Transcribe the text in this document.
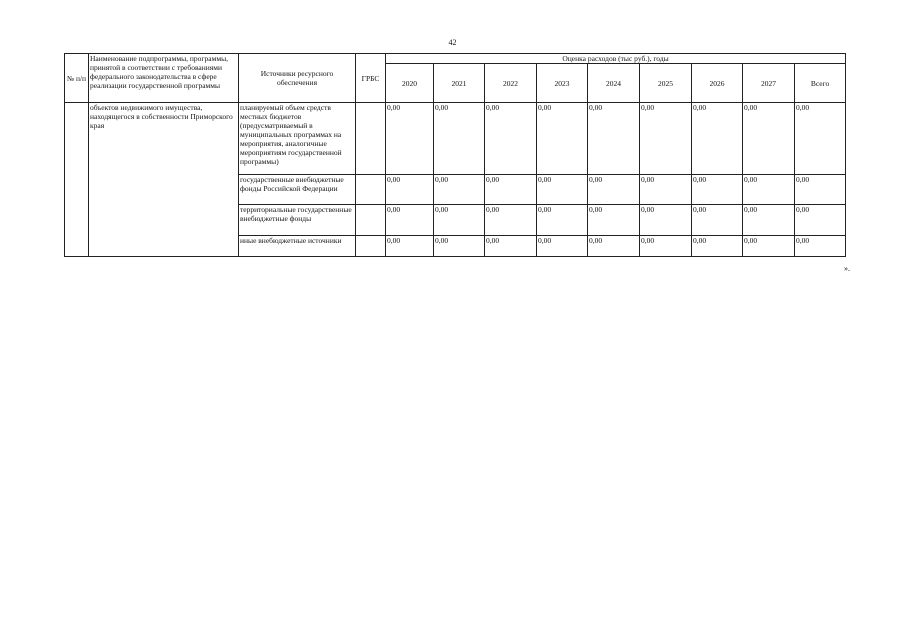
42
№ п/п	Наименование подпрограммы, программы, принятой в соответствии с требованиями федерального законодательства в сфере реализации государственной программы	Источники ресурсного обеспечения	ГРБС	Оценка расходов (тыс руб.), годы								
				2020	2021	2022	2023	2024	2025	2026	2027	Всего
	объектов недвижимого имущества, находящегося в собственности Приморского края	планируемый объем средств местных бюджетов (предусматриваемый в муниципальных программах на мероприятия, аналогичные мероприятиям государственной программы)		0,00	0,00	0,00	0,00	0,00	0,00	0,00	0,00	0,00
		государственные внебюджетные фонды Российской Федерации		0,00	0,00	0,00	0,00	0,00	0,00	0,00	0,00	0,00
		территориальные государственные внебюджетные фонды		0,00	0,00	0,00	0,00	0,00	0,00	0,00	0,00	0,00
		иные внебюджетные источники		0,00	0,00	0,00	0,00	0,00	0,00	0,00	0,00	0,00
».
